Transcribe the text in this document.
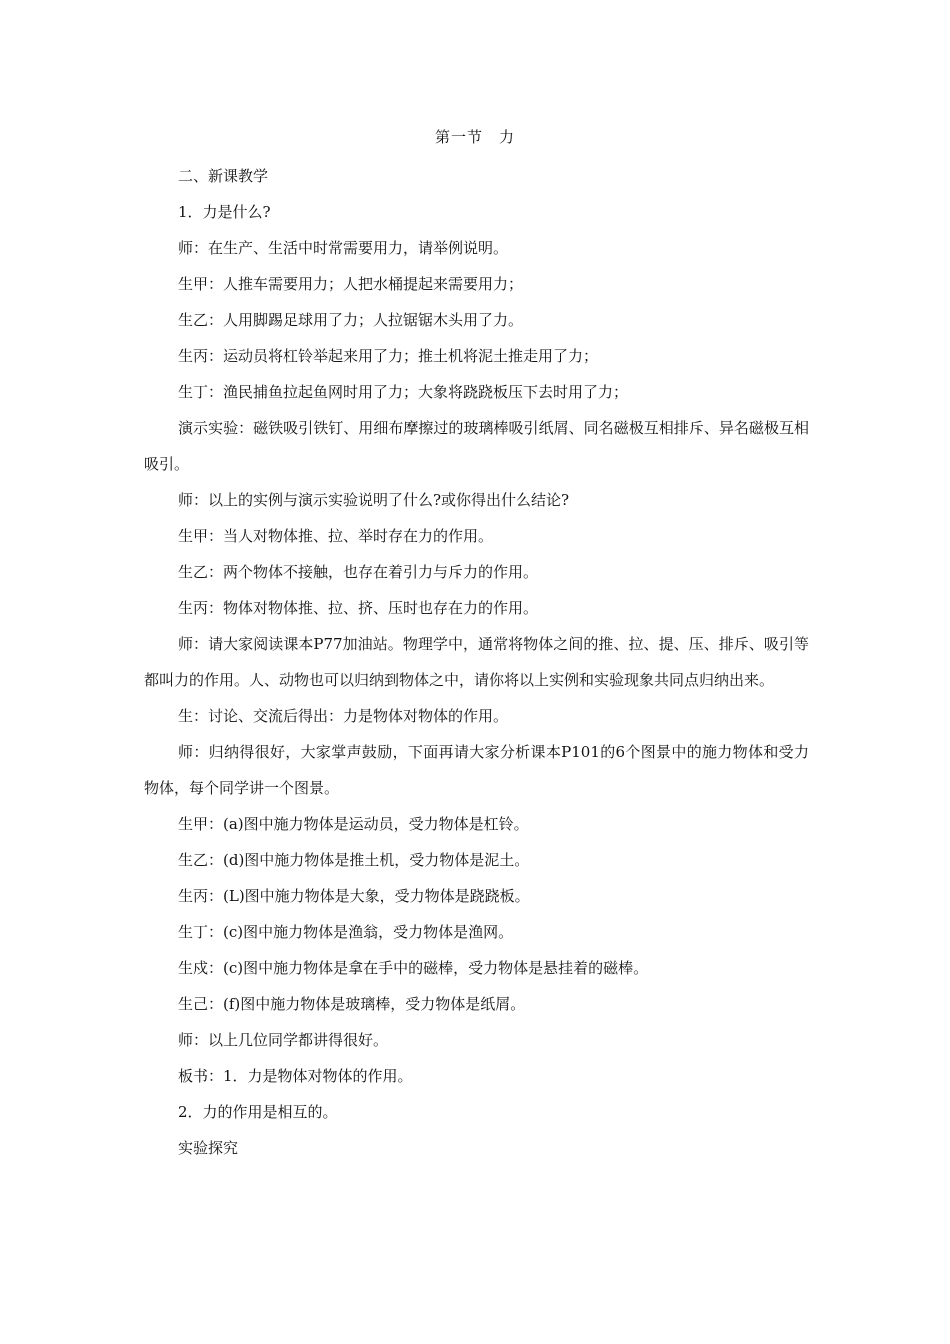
第一节　力

二、新课教学

1．力是什么?

师：在生产、生活中时常需要用力，请举例说明。

生甲：人推车需要用力；人把水桶提起来需要用力；

生乙：人用脚踢足球用了力；人拉锯锯木头用了力。

生丙：运动员将杠铃举起来用了力；推土机将泥土推走用了力；

生丁：渔民捕鱼拉起鱼网时用了力；大象将跷跷板压下去时用了力；

演示实验：磁铁吸引铁钉、用细布摩擦过的玻璃棒吸引纸屑、同名磁极互相排斥、异名磁极互相吸引。

师：以上的实例与演示实验说明了什么?或你得出什么结论?

生甲：当人对物体推、拉、举时存在力的作用。

生乙：两个物体不接触，也存在着引力与斥力的作用。

生丙：物体对物体推、拉、挤、压时也存在力的作用。

师：请大家阅读课本P77加油站。物理学中，通常将物体之间的推、拉、提、压、排斥、吸引等都叫力的作用。人、动物也可以归纳到物体之中，请你将以上实例和实验现象共同点归纳出来。

生：讨论、交流后得出：力是物体对物体的作用。

师：归纳得很好，大家掌声鼓励，下面再请大家分析课本P101的6个图景中的施力物体和受力物体，每个同学讲一个图景。

生甲：(a)图中施力物体是运动员，受力物体是杠铃。

生乙：(d)图中施力物体是推土机，受力物体是泥土。

生丙：(L)图中施力物体是大象，受力物体是跷跷板。

生丁：(c)图中施力物体是渔翁，受力物体是渔网。

生戍：(c)图中施力物体是拿在手中的磁棒，受力物体是悬挂着的磁棒。

生己：(f)图中施力物体是玻璃棒，受力物体是纸屑。

师：以上几位同学都讲得很好。

板书：1．力是物体对物体的作用。

2．力的作用是相互的。

实验探究
